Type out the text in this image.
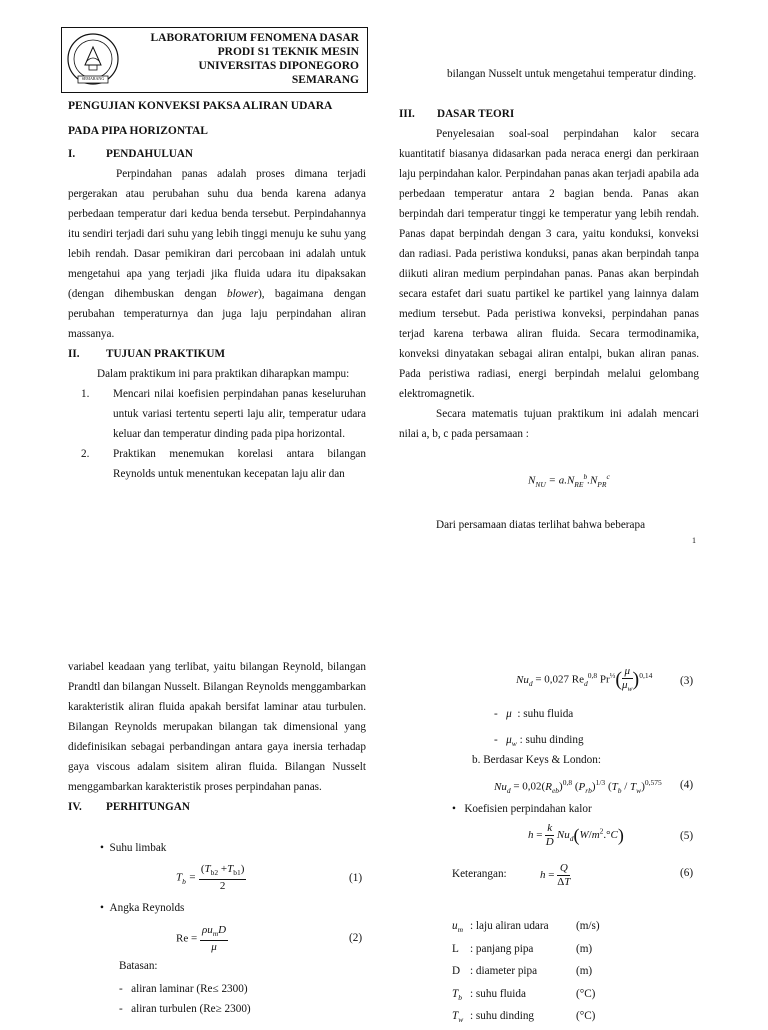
SEMARANG
LABORATORIUM FENOMENA DASAR
PRODI S1 TEKNIK MESIN
UNIVERSITAS DIPONEGORO
SEMARANG
PENGUJIAN KONVEKSI PAKSA ALIRAN UDARA
PADA PIPA HORIZONTAL
I.	PENDAHULUAN

Perpindahan panas adalah proses dimana terjadi pergerakan atau perubahan suhu dua benda karena adanya perbedaan temperatur dari kedua benda tersebut. Perpindahannya itu sendiri terjadi dari suhu yang lebih tinggi menuju ke suhu yang lebih rendah. Dasar pemikiran dari percobaan ini adalah untuk mengetahui apa yang terjadi jika fluida udara itu dipaksakan (dengan dihembuskan dengan blower), bagaimana dengan perubahan temperaturnya dan juga laju perpindahan aliran massanya.

II. TUJUAN PRAKTIKUM

Dalam praktikum ini para praktikan diharapkan mampu:

1. Mencari nilai koefisien perpindahan panas keseluruhan untuk variasi tertentu seperti laju alir, temperatur udara keluar dan temperatur dinding pada pipa horizontal.

2. Praktikan menemukan korelasi antara bilangan Reynolds untuk menentukan kecepatan laju alir dan

bilangan Nusselt untuk mengetahui temperatur dinding.

III. DASAR TEORI

Penyelesaian soal-soal perpindahan kalor secara kuantitatif biasanya didasarkan pada neraca energi dan perkiraan laju perpindahan kalor. Perpindahan panas akan terjadi apabila ada perbedaan temperatur antara 2 bagian benda. Panas akan berpindah dari temperatur tinggi ke temperatur yang lebih rendah. Panas dapat berpindah dengan 3 cara, yaitu konduksi, konveksi dan radiasi. Pada peristiwa konduksi, panas akan berpindah tanpa diikuti aliran medium perpindahan panas. Panas akan berpindah secara estafet dari suatu partikel ke partikel yang lainnya dalam medium tersebut. Pada peristiwa konveksi, perpindahan panas terjad karena terbawa aliran fluida. Secara termodinamika, konveksi dinyatakan sebagai aliran entalpi, bukan aliran panas. Pada peristiwa radiasi, energi berpindah melalui gelombang elektromagnetik.

Secara matematis tujuan praktikum ini adalah mencari nilai a, b, c pada persamaan :

$N_{NU} = a.N_{RE}^b.N_{PR}^c$

Dari persamaan diatas terlihat bahwa beberapa

1

variabel keadaan yang terlibat, yaitu bilangan Reynold, bilangan Prandtl dan bilangan Nusselt. Bilangan Reynolds menggambarkan karakteristik aliran fluida apakah bersifat laminar atau turbulen. Bilangan Reynolds merupakan bilangan tak dimensional yang didefinisikan sebagai perbandingan antara gaya inersia terhadap gaya viscous adalam sisitem aliran fluida. Bilangan Nusselt menggambarkan karakteristik proses perpindahan panas.

IV. PERHITUNGAN
•  Suhu limbak
$T_b = \frac{(T_{b2} +T_{b1})}{2}$	(1)
•  Angka Reynolds
$Re = \frac{\rho u_mD}{\mu}$	(2)
Batasan:
-   aliran laminar (Re≤ 2300)
-   aliran turbulen (Re≥ 2300)
$Nu_d = 0,027$ $Re_d^{0,8}$ $Pr^{\frac{1}{3}}( \frac{\mu}{\mu_w} )^{0,14}$ (3)
-   μ : suhu fluida
-   $\mu_w$ : suhu dinding
b. Berdasar Keys & London:
$Nu_d = 0,02(R_{eb})^{0,8}$ $(P_{rb})^{1/3}$ $(T_b / T_w)^{0,575}$ (4)
•   Koefisien perpindahan kalor
$h = \frac{k}{D} Nu_d(W/m^2.^\circ C)$	(5)
$h = \frac{Q}{\Delta T}$	(6)
Keterangan:
$u_m$ : laju aliran udara (m/s)
L : panjang pipa	(m)
D : diameter pipa	(m)
$T_b$ : suhu fluida	(°C)
$T_w$ : suhu dinding	(°C)
